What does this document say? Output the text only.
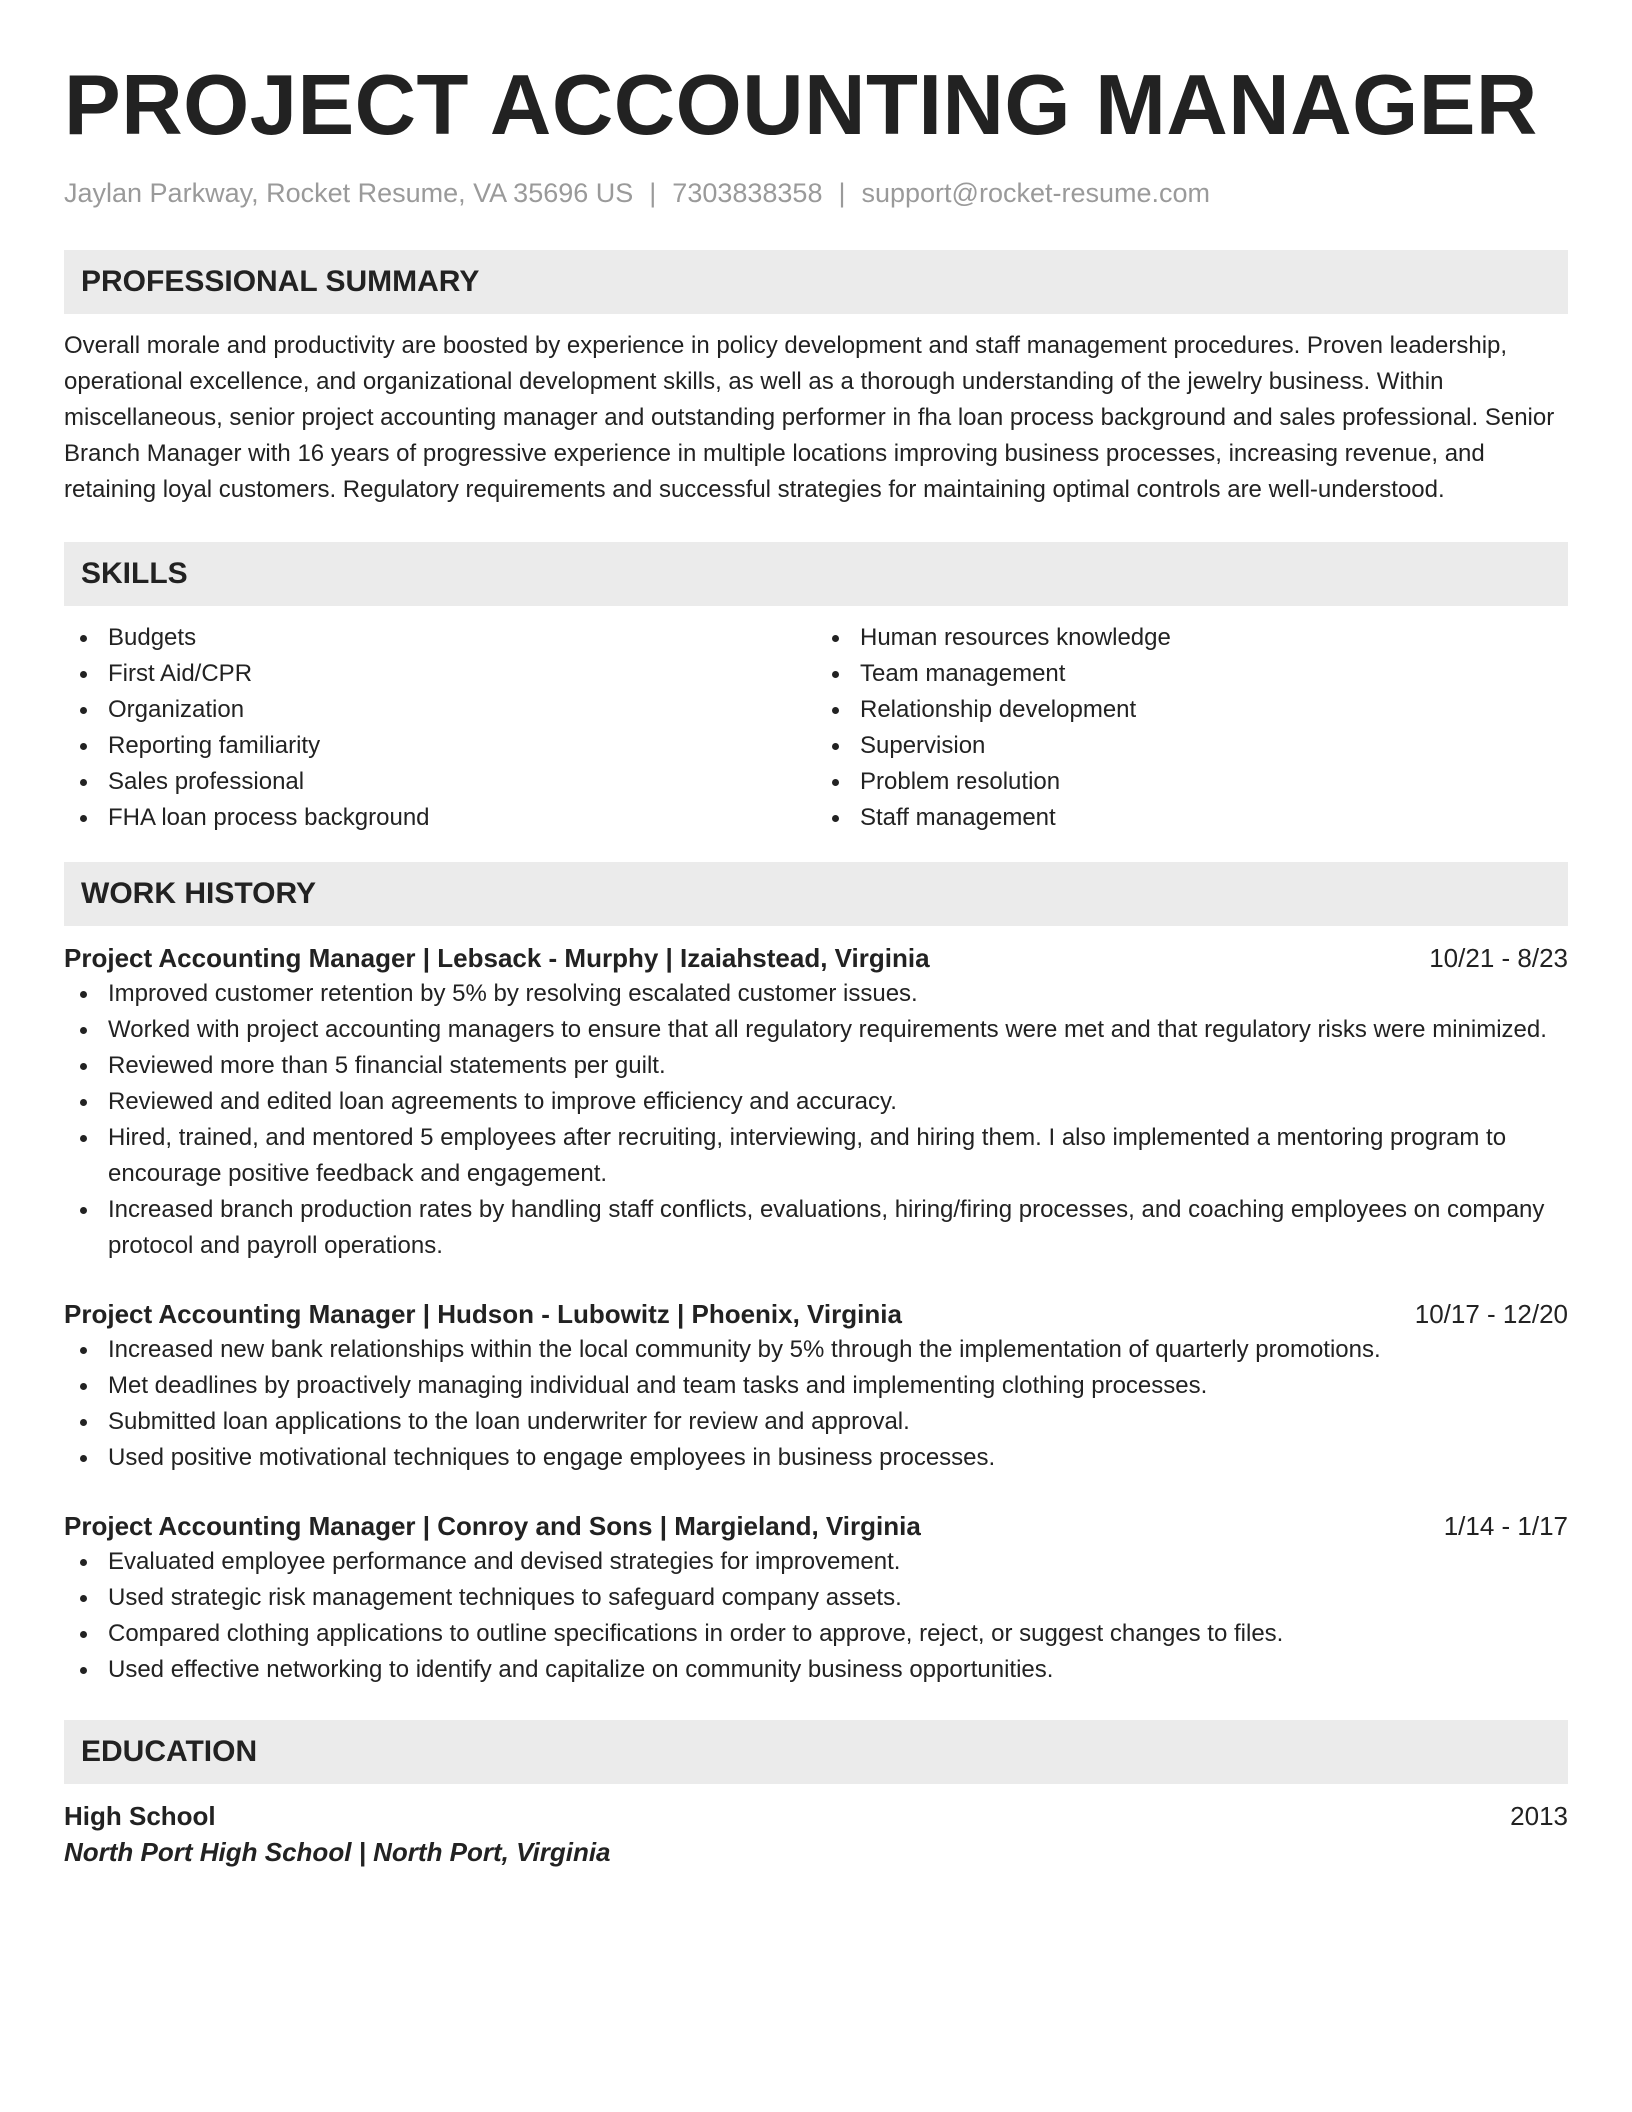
PROJECT ACCOUNTING MANAGER
Jaylan Parkway, Rocket Resume, VA 35696 US | 7303838358 | support@rocket-resume.com
PROFESSIONAL SUMMARY
Overall morale and productivity are boosted by experience in policy development and staff management procedures. Proven leadership, operational excellence, and organizational development skills, as well as a thorough understanding of the jewelry business. Within miscellaneous, senior project accounting manager and outstanding performer in fha loan process background and sales professional. Senior Branch Manager with 16 years of progressive experience in multiple locations improving business processes, increasing revenue, and retaining loyal customers. Regulatory requirements and successful strategies for maintaining optimal controls are well-understood.
SKILLS
Budgets
First Aid/CPR
Organization
Reporting familiarity
Sales professional
FHA loan process background
Human resources knowledge
Team management
Relationship development
Supervision
Problem resolution
Staff management
WORK HISTORY
Project Accounting Manager | Lebsack - Murphy | Izaiahstead, Virginia	10/21 - 8/23
Improved customer retention by 5% by resolving escalated customer issues.
Worked with project accounting managers to ensure that all regulatory requirements were met and that regulatory risks were minimized.
Reviewed more than 5 financial statements per guilt.
Reviewed and edited loan agreements to improve efficiency and accuracy.
Hired, trained, and mentored 5 employees after recruiting, interviewing, and hiring them. I also implemented a mentoring program to encourage positive feedback and engagement.
Increased branch production rates by handling staff conflicts, evaluations, hiring/firing processes, and coaching employees on company protocol and payroll operations.
Project Accounting Manager | Hudson - Lubowitz | Phoenix, Virginia	10/17 - 12/20
Increased new bank relationships within the local community by 5% through the implementation of quarterly promotions.
Met deadlines by proactively managing individual and team tasks and implementing clothing processes.
Submitted loan applications to the loan underwriter for review and approval.
Used positive motivational techniques to engage employees in business processes.
Project Accounting Manager | Conroy and Sons | Margieland, Virginia	1/14 - 1/17
Evaluated employee performance and devised strategies for improvement.
Used strategic risk management techniques to safeguard company assets.
Compared clothing applications to outline specifications in order to approve, reject, or suggest changes to files.
Used effective networking to identify and capitalize on community business opportunities.
EDUCATION
High School	2013
North Port High School | North Port, Virginia
